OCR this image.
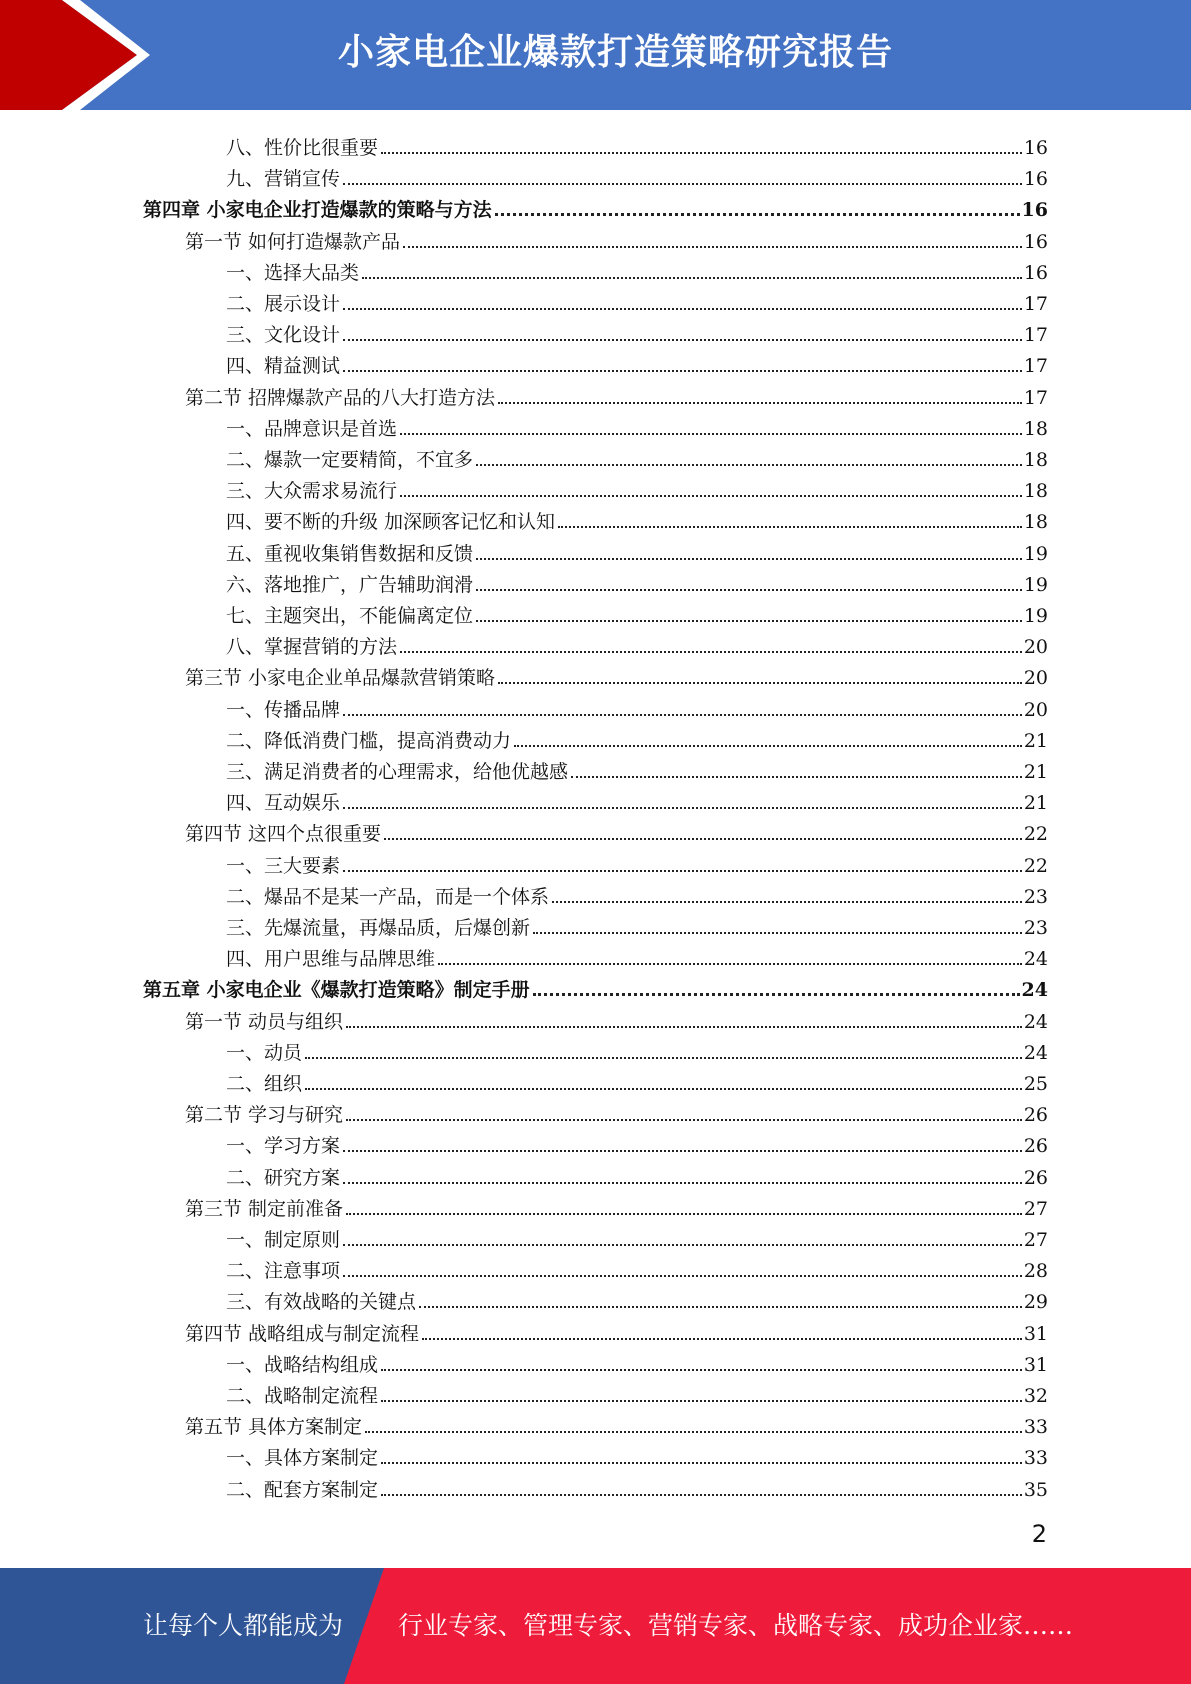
小家电企业爆款打造策略研究报告
八、性价比很重要	16
九、营销宣传	16
第四章 小家电企业打造爆款的策略与方法	16
第一节 如何打造爆款产品	16
一、选择大品类	16
二、展示设计	17
三、文化设计	17
四、精益测试	17
第二节 招牌爆款产品的八大打造方法	17
一、品牌意识是首选	18
二、爆款一定要精简，不宜多	18
三、大众需求易流行	18
四、要不断的升级 加深顾客记忆和认知	18
五、重视收集销售数据和反馈	19
六、落地推广，广告辅助润滑	19
七、主题突出，不能偏离定位	19
八、掌握营销的方法	20
第三节 小家电企业单品爆款营销策略	20
一、传播品牌	20
二、降低消费门槛，提高消费动力	21
三、满足消费者的心理需求，给他优越感	21
四、互动娱乐	21
第四节 这四个点很重要	22
一、三大要素	22
二、爆品不是某一产品，而是一个体系	23
三、先爆流量，再爆品质，后爆创新	23
四、用户思维与品牌思维	24
第五章 小家电企业《爆款打造策略》制定手册	24
第一节 动员与组织	24
一、动员	24
二、组织	25
第二节 学习与研究	26
一、学习方案	26
二、研究方案	26
第三节 制定前准备	27
一、制定原则	27
二、注意事项	28
三、有效战略的关键点	29
第四节 战略组成与制定流程	31
一、战略结构组成	31
二、战略制定流程	32
第五节 具体方案制定	33
一、具体方案制定	33
二、配套方案制定	35
2
让每个人都能成为 行业专家、管理专家、营销专家、战略专家、成功企业家……
